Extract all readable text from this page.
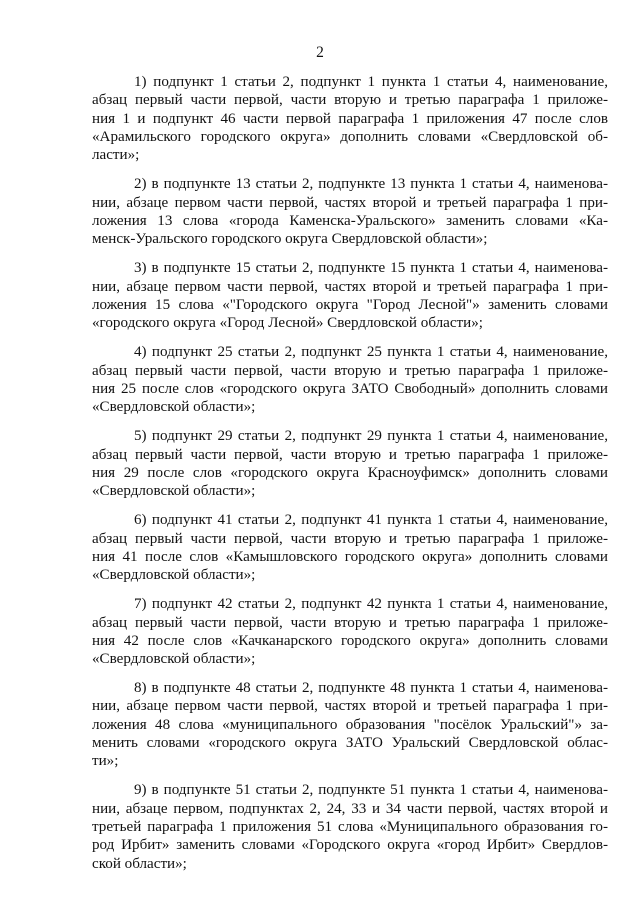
2

1) подпункт 1 статьи 2, подпункт 1 пункта 1 статьи 4, наименование,
абзац первый части первой, части вторую и третью параграфа 1 приложе-
ния 1 и подпункт 46 части первой параграфа 1 приложения 47 после слов
«Арамильского городского округа» дополнить словами «Свердловской об-
ласти»;

2) в подпункте 13 статьи 2, подпункте 13 пункта 1 статьи 4, наименова-
нии, абзаце первом части первой, частях второй и третьей параграфа 1 при-
ложения 13 слова «города Каменска-Уральского» заменить словами «Ка-
менск-Уральского городского округа Свердловской области»;

3) в подпункте 15 статьи 2, подпункте 15 пункта 1 статьи 4, наименова-
нии, абзаце первом части первой, частях второй и третьей параграфа 1 при-
ложения 15 слова «"Городского округа "Город Лесной"» заменить словами
«городского округа «Город Лесной» Свердловской области»;

4) подпункт 25 статьи 2, подпункт 25 пункта 1 статьи 4, наименование,
абзац первый части первой, части вторую и третью параграфа 1 приложе-
ния 25 после слов «городского округа ЗАТО Свободный» дополнить словами
«Свердловской области»;

5) подпункт 29 статьи 2, подпункт 29 пункта 1 статьи 4, наименование,
абзац первый части первой, части вторую и третью параграфа 1 приложе-
ния 29 после слов «городского округа Красноуфимск» дополнить словами
«Свердловской области»;

6) подпункт 41 статьи 2, подпункт 41 пункта 1 статьи 4, наименование,
абзац первый части первой, части вторую и третью параграфа 1 приложе-
ния 41 после слов «Камышловского городского округа» дополнить словами
«Свердловской области»;

7) подпункт 42 статьи 2, подпункт 42 пункта 1 статьи 4, наименование,
абзац первый части первой, части вторую и третью параграфа 1 приложе-
ния 42 после слов «Качканарского городского округа» дополнить словами
«Свердловской области»;

8) в подпункте 48 статьи 2, подпункте 48 пункта 1 статьи 4, наименова-
нии, абзаце первом части первой, частях второй и третьей параграфа 1 при-
ложения 48 слова «муниципального образования "посёлок Уральский"» за-
менить словами «городского округа ЗАТО Уральский Свердловской облас-
ти»;

9) в подпункте 51 статьи 2, подпункте 51 пункта 1 статьи 4, наименова-
нии, абзаце первом, подпунктах 2, 24, 33 и 34 части первой, частях второй и
третьей параграфа 1 приложения 51 слова «Муниципального образования го-
род Ирбит» заменить словами «Городского округа «город Ирбит» Свердлов-
ской области»;
